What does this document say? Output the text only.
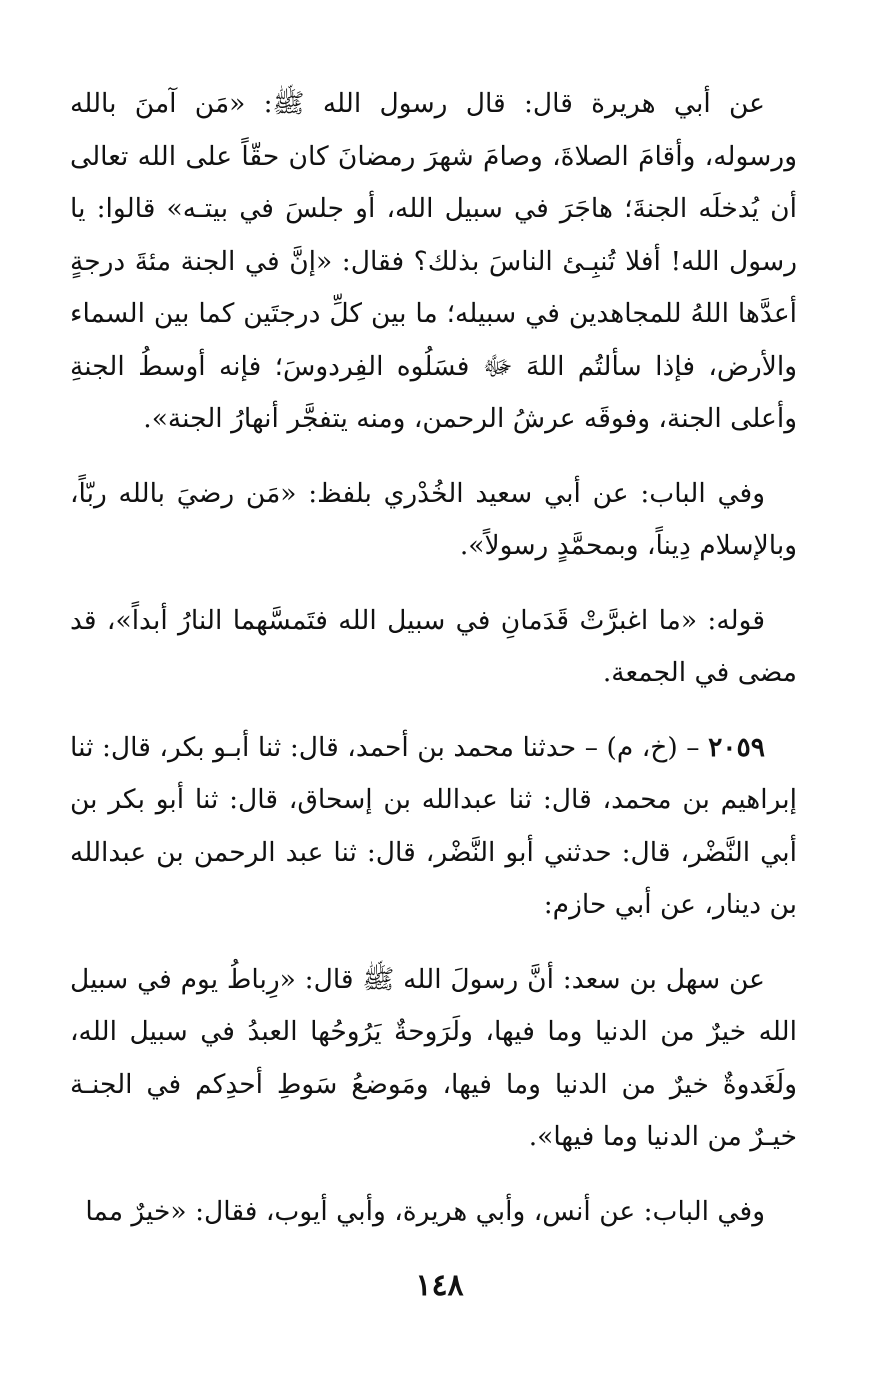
عن أبي هريرة قال: قال رسول الله ﷺ: «مَن آمنَ بالله ورسوله، وأقامَ الصلاةَ، وصامَ شهرَ رمضانَ كان حقّاً على الله تعالى أن يُدخلَه الجنةَ؛ هاجَرَ في سبيل الله، أو جلسَ في بيتـه» قالوا: يا رسول الله! أفلا تُنبِـئ الناسَ بذلك؟ فقال: «إنَّ في الجنة مئةَ درجةٍ أعدَّها اللهُ للمجاهدين في سبيله؛ ما بين كلِّ درجتَين كما بين السماء والأرض، فإذا سألتُم اللهَ ﷻ فسَلُوه الفِردوسَ؛ فإنه أوسطُ الجنةِ وأعلى الجنة، وفوقَه عرشُ الرحمن، ومنه يتفجَّر أنهارُ الجنة».

وفي الباب: عن أبي سعيد الخُدْري بلفظ: «مَن رضيَ بالله ربّاً، وبالإسلام دِيناً، وبمحمَّدٍ رسولاً».

قوله: «ما اغبرَّتْ قَدَمانِ في سبيل الله فتَمسَّهما النارُ أبداً»، قد مضى في الجمعة.

٢٠٥٩ – (خ، م) – حدثنا محمد بن أحمد، قال: ثنا أبـو بكر، قال: ثنا إبراهيم بن محمد، قال: ثنا عبدالله بن إسحاق، قال: ثنا أبو بكر بن أبي النَّضْر، قال: حدثني أبو النَّضْر، قال: ثنا عبد الرحمن بن عبدالله بن دينار، عن أبي حازم:

عن سهل بن سعد: أنَّ رسولَ الله ﷺ قال: «رِباطُ يوم في سبيل الله خيرٌ من الدنيا وما فيها، ولَرَوحةٌ يَرُوحُها العبدُ في سبيل الله، ولَغَدوةٌ خيرٌ من الدنيا وما فيها، ومَوضعُ سَوطِ أحدِكم في الجنـة خيـرٌ من الدنيا وما فيها».

وفي الباب: عن أنس، وأبي هريرة، وأبي أيوب، فقال: «خيرٌ مما

١٤٨
